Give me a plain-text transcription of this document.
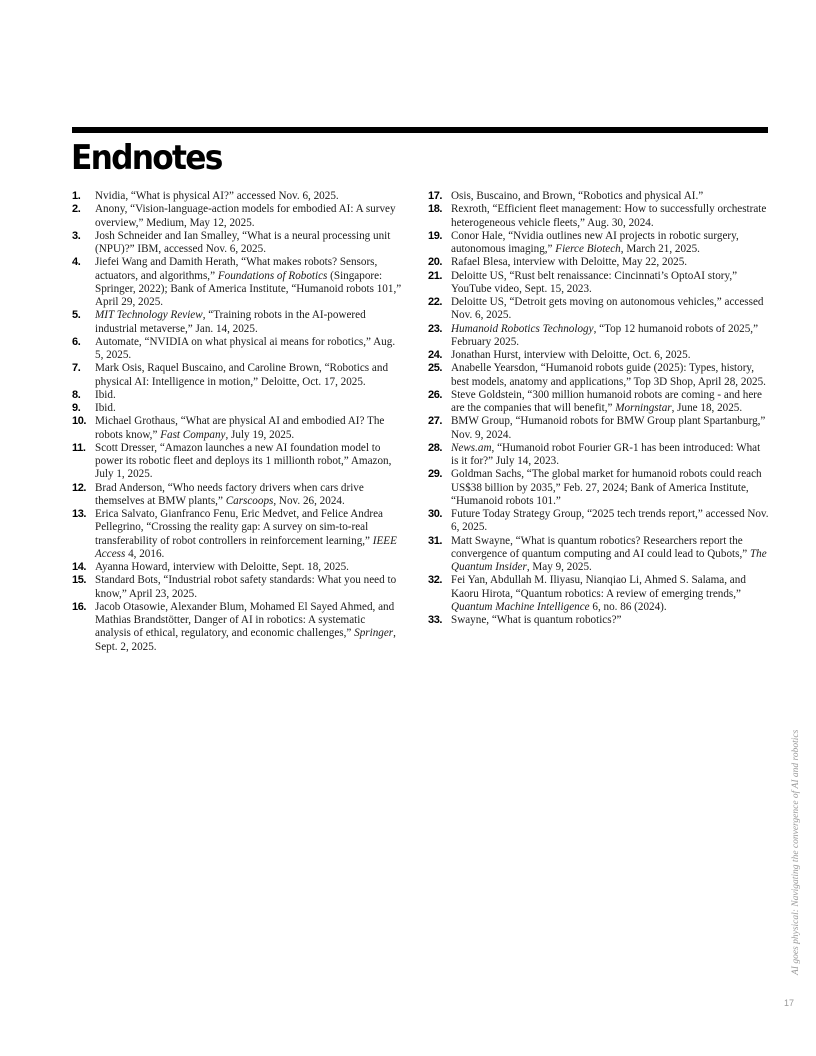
Endnotes
1.	Nvidia, “What is physical AI?” accessed Nov. 6, 2025.
2.	Anony, “Vision-language-action models for embodied AI: A survey overview,” Medium, May 12, 2025.
3.	Josh Schneider and Ian Smalley, “What is a neural processing unit (NPU)?” IBM, accessed Nov. 6, 2025.
4.	Jiefei Wang and Damith Herath, “What makes robots? Sensors, actuators, and algorithms,” Foundations of Robotics (Singapore: Springer, 2022); Bank of America Institute, “Humanoid robots 101,” April 29, 2025.
5.	MIT Technology Review, “Training robots in the AI-powered industrial metaverse,” Jan. 14, 2025.
6.	Automate, “NVIDIA on what physical ai means for robotics,” Aug. 5, 2025.
7.	Mark Osis, Raquel Buscaino, and Caroline Brown, “Robotics and physical AI: Intelligence in motion,” Deloitte, Oct. 17, 2025.
8.	Ibid.
9.	Ibid.
10. Michael Grothaus, “What are physical AI and embodied AI? The robots know,” Fast Company, July 19, 2025.
11. Scott Dresser, “Amazon launches a new AI foundation model to power its robotic fleet and deploys its 1 millionth robot,” Amazon, July 1, 2025.
12. Brad Anderson, “Who needs factory drivers when cars drive themselves at BMW plants,” Carscoops, Nov. 26, 2024.
13. Erica Salvato, Gianfranco Fenu, Eric Medvet, and Felice Andrea Pellegrino, “Crossing the reality gap: A survey on sim-to-real transferability of robot controllers in reinforcement learning,” IEEE Access 4, 2016.
14. Ayanna Howard, interview with Deloitte, Sept. 18, 2025.
15. Standard Bots, “Industrial robot safety standards: What you need to know,” April 23, 2025.
16. Jacob Otasowie, Alexander Blum, Mohamed El Sayed Ahmed, and Mathias Brandstötter, Danger of AI in robotics: A systematic analysis of ethical, regulatory, and economic challenges,” Springer, Sept. 2, 2025.
17. Osis, Buscaino, and Brown, “Robotics and physical AI.”
18. Rexroth, “Efficient fleet management: How to successfully orchestrate heterogeneous vehicle fleets,” Aug. 30, 2024.
19. Conor Hale, “Nvidia outlines new AI projects in robotic surgery, autonomous imaging,” Fierce Biotech, March 21, 2025.
20. Rafael Blesa, interview with Deloitte, May 22, 2025.
21. Deloitte US, “Rust belt renaissance: Cincinnati’s OptoAI story,” YouTube video, Sept. 15, 2023.
22. Deloitte US, “Detroit gets moving on autonomous vehicles,” accessed Nov. 6, 2025.
23. Humanoid Robotics Technology, “Top 12 humanoid robots of 2025,” February 2025.
24. Jonathan Hurst, interview with Deloitte, Oct. 6, 2025.
25. Anabelle Yearsdon, “Humanoid robots guide (2025): Types, history, best models, anatomy and applications,” Top 3D Shop, April 28, 2025.
26. Steve Goldstein, “300 million humanoid robots are coming - and here are the companies that will benefit,” Morningstar, June 18, 2025.
27. BMW Group, “Humanoid robots for BMW Group plant Spartanburg,” Nov. 9, 2024.
28. News.am, “Humanoid robot Fourier GR-1 has been introduced: What is it for?” July 14, 2023.
29. Goldman Sachs, “The global market for humanoid robots could reach US$38 billion by 2035,” Feb. 27, 2024; Bank of America Institute, “Humanoid robots 101.”
30. Future Today Strategy Group, “2025 tech trends report,” accessed Nov. 6, 2025.
31. Matt Swayne, “What is quantum robotics? Researchers report the convergence of quantum computing and AI could lead to Qubots,” The Quantum Insider, May 9, 2025.
32. Fei Yan, Abdullah M. Iliyasu, Nianqiao Li, Ahmed S. Salama, and Kaoru Hirota, “Quantum robotics: A review of emerging trends,” Quantum Machine Intelligence 6, no. 86 (2024).
33. Swayne, “What is quantum robotics?”
AI goes physical: Navigating the convergence of AI and robotics
17
